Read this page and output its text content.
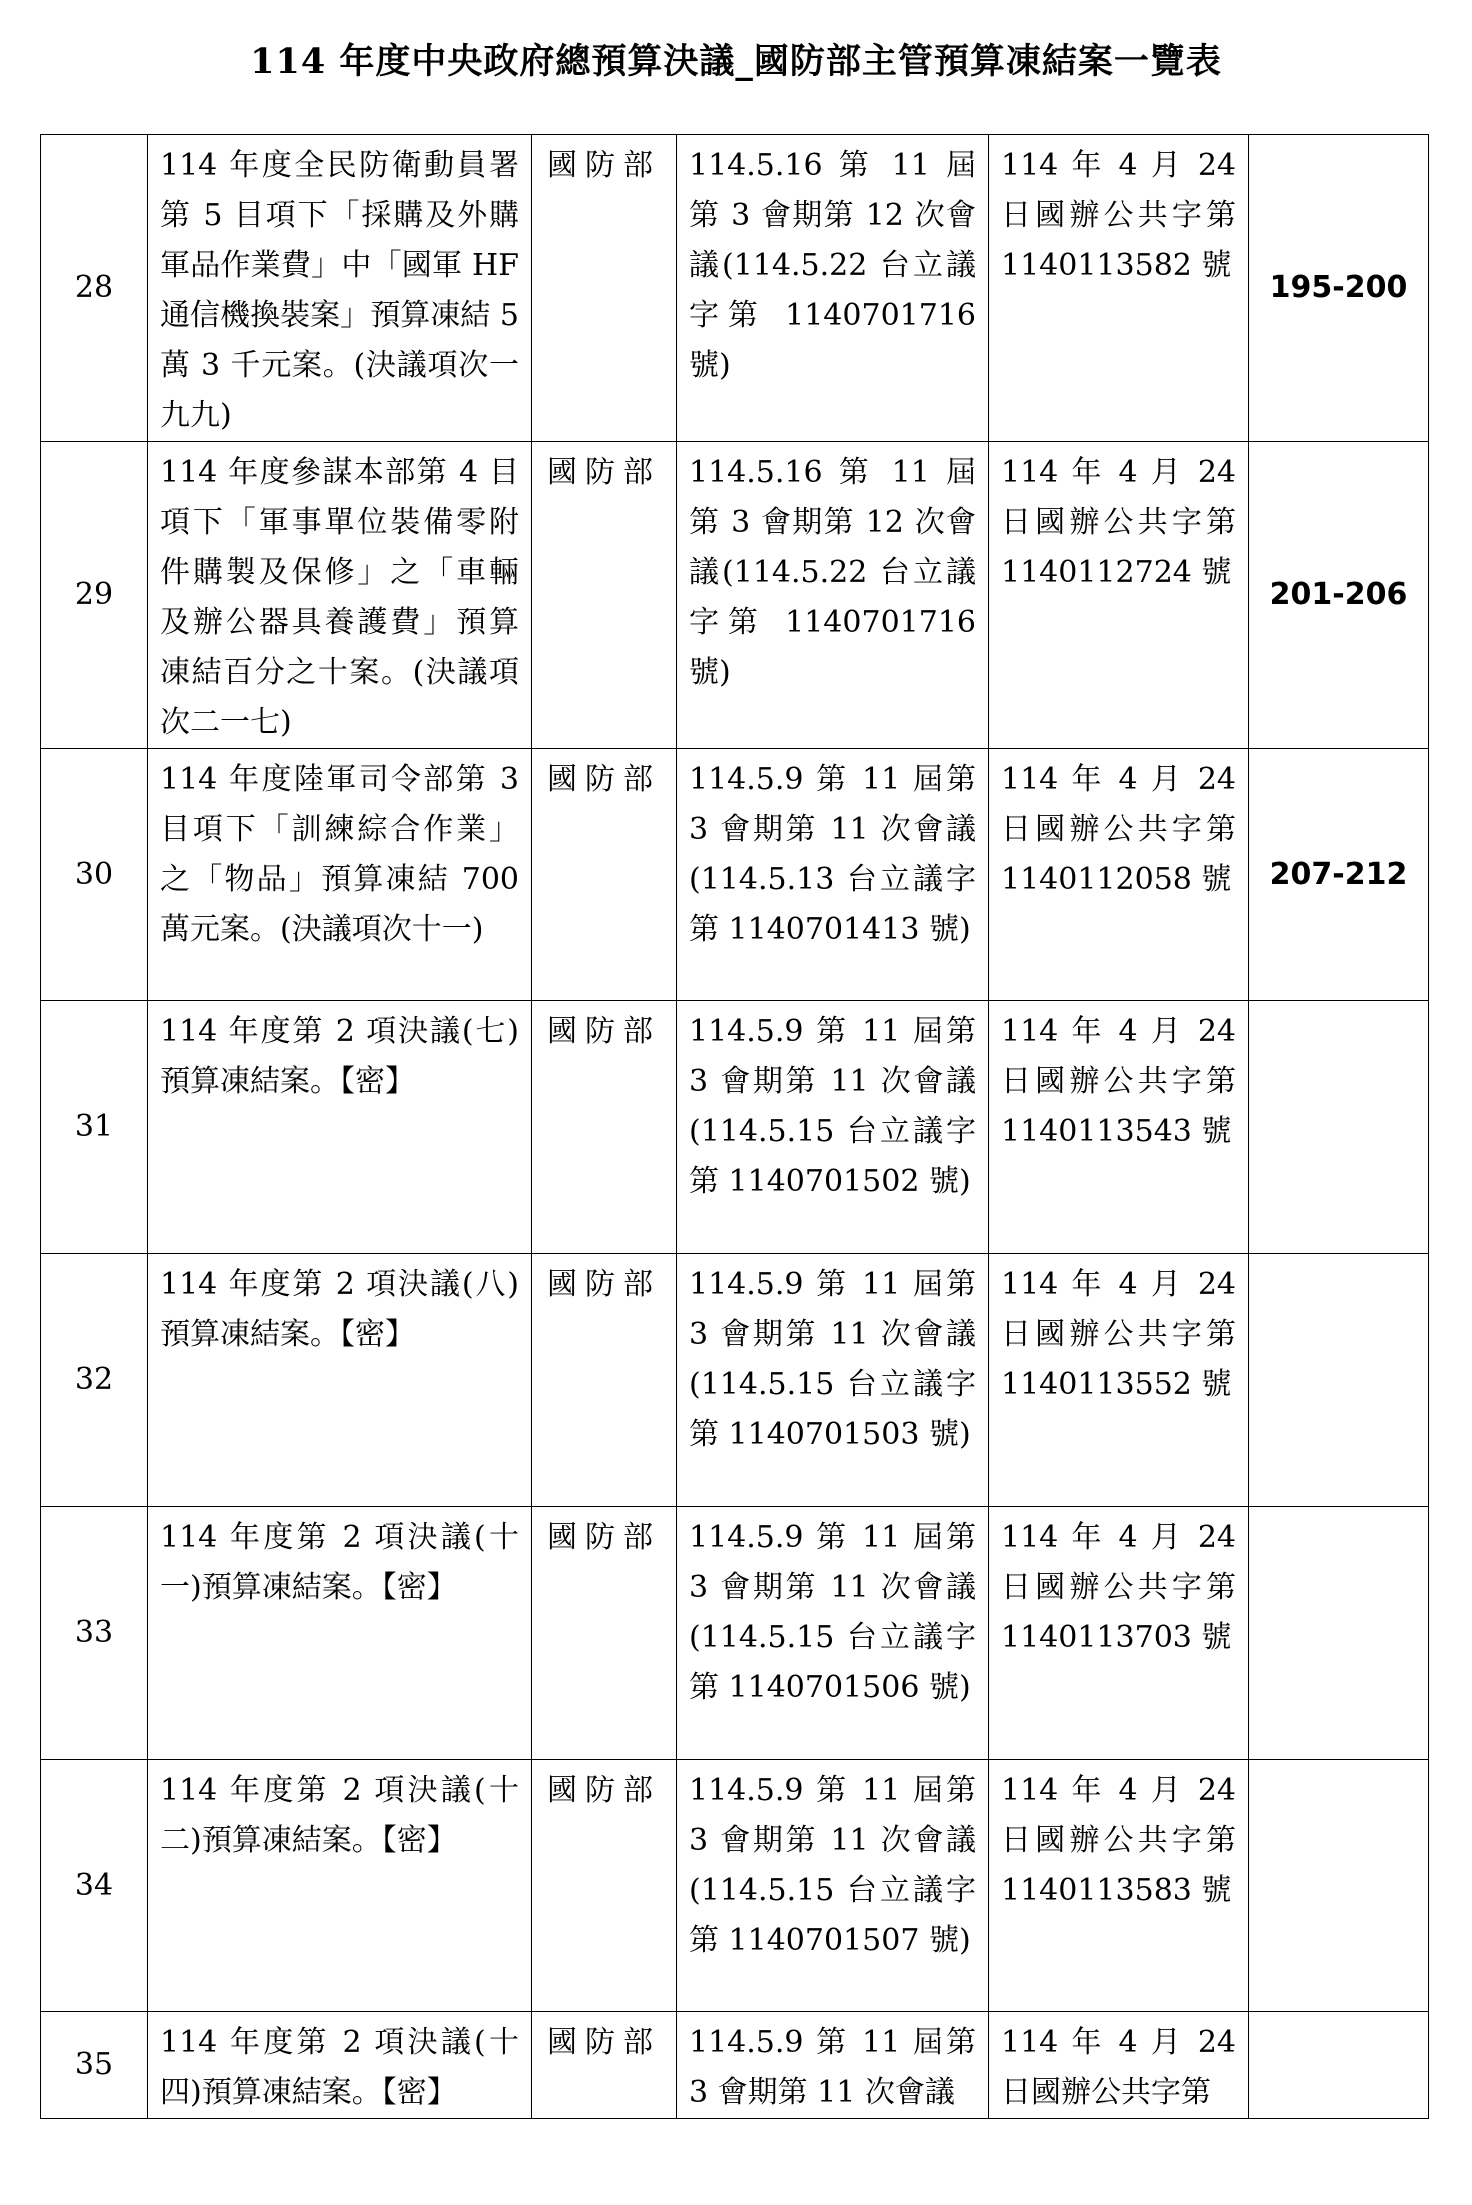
114 年度中央政府總預算決議_國防部主管預算凍結案一覽表
28	114 年度全民防衛動員署第 5 目項下「採購及外購軍品作業費」中「國軍 HF 通信機換裝案」預算凍結 5 萬 3 千元案。(決議項次一九九)	國防部	114.5.16 第 11 屆第 3 會期第 12 次會議(114.5.22 台立議字第 1140701716 號)	114 年 4 月 24 日國辦公共字第 1140113582 號	195-200
29	114 年度參謀本部第 4 目項下「軍事單位裝備零附件購製及保修」之「車輛及辦公器具養護費」預算凍結百分之十案。(決議項次二一七)	國防部	114.5.16 第 11 屆第 3 會期第 12 次會議(114.5.22 台立議字第 1140701716 號)	114 年 4 月 24 日國辦公共字第 1140112724 號	201-206
30	114 年度陸軍司令部第 3 目項下「訓練綜合作業」之「物品」預算凍結 700 萬元案。(決議項次十一)	國防部	114.5.9 第 11 屆第 3 會期第 11 次會議(114.5.13 台立議字第 1140701413 號)	114 年 4 月 24 日國辦公共字第 1140112058 號	207-212
31	114 年度第 2 項決議(七)預算凍結案。【密】	國防部	114.5.9 第 11 屆第 3 會期第 11 次會議(114.5.15 台立議字第 1140701502 號)	114 年 4 月 24 日國辦公共字第 1140113543 號	
32	114 年度第 2 項決議(八)預算凍結案。【密】	國防部	114.5.9 第 11 屆第 3 會期第 11 次會議(114.5.15 台立議字第 1140701503 號)	114 年 4 月 24 日國辦公共字第 1140113552 號	
33	114 年度第 2 項決議(十一)預算凍結案。【密】	國防部	114.5.9 第 11 屆第 3 會期第 11 次會議(114.5.15 台立議字第 1140701506 號)	114 年 4 月 24 日國辦公共字第 1140113703 號	
34	114 年度第 2 項決議(十二)預算凍結案。【密】	國防部	114.5.9 第 11 屆第 3 會期第 11 次會議(114.5.15 台立議字第 1140701507 號)	114 年 4 月 24 日國辦公共字第 1140113583 號	
35	114 年度第 2 項決議(十四)預算凍結案。【密】	國防部	114.5.9 第 11 屆第 3 會期第 11 次會議	114 年 4 月 24 日國辦公共字第	
